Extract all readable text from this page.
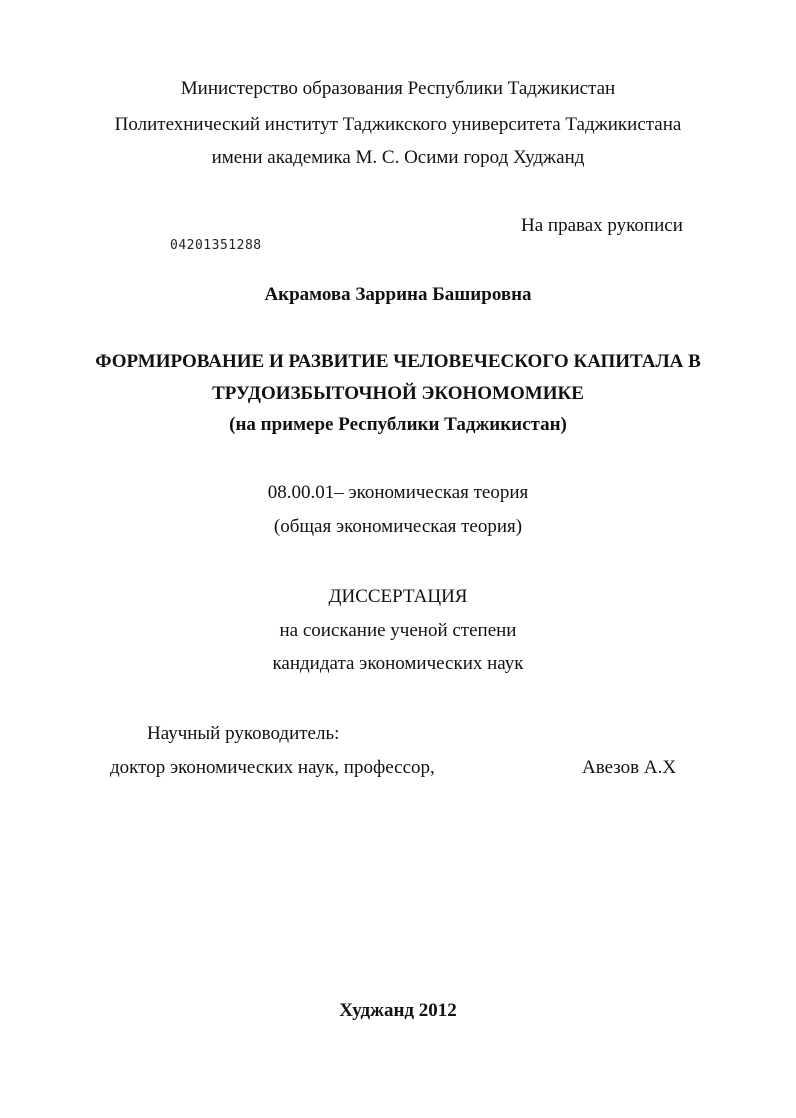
Министерство образования Республики Таджикистан
Политехнический институт Таджикского университета Таджикистана
имени академика М. С. Осими город Худжанд
На правах рукописи
04201351288
Акрамова Заррина Башировна
ФОРМИРОВАНИЕ И РАЗВИТИЕ ЧЕЛОВЕЧЕСКОГО КАПИТАЛА В
ТРУДОИЗБЫТОЧНОЙ ЭКОНОМОМИКЕ
(на примере Республики Таджикистан)
08.00.01– экономическая теория
(общая экономическая теория)
ДИССЕРТАЦИЯ
на соискание ученой степени
кандидата экономических наук
Научный руководитель:
доктор экономических наук, профессор,	Авезов А.Х
Худжанд 2012
